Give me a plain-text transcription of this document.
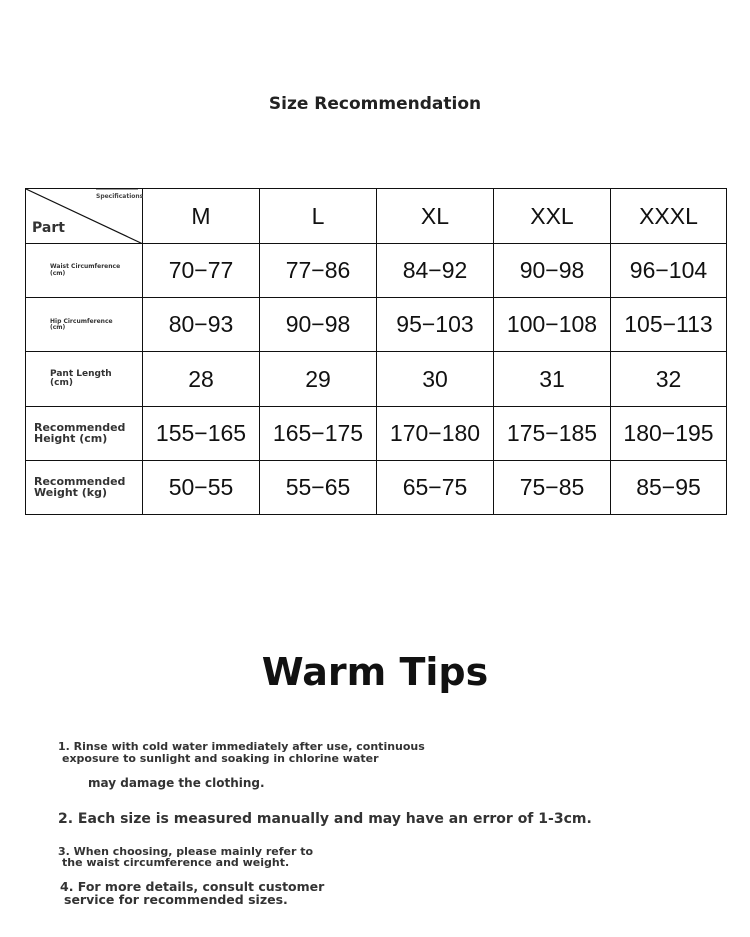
Size Recommendation
Specifications
Part	M	L	XL	XXL	XXXL

Waist Circumference
(cm)	70−77	77−86	84−92	90−98	96−104

Hip Circumference
(cm)	80−93	90−98	95−103	100−108	105−113

Pant Length
(cm)	28	29	30	31	32

Recommended
Height (cm)	155−165	165−175	170−180	175−185	180−195

Recommended
Weight (kg)	50−55	55−65	65−75	75−85	85−95
Warm Tips
1. Rinse with cold water immediately after use, continuous
exposure to sunlight and soaking in chlorine water
may damage the clothing.
2. Each size is measured manually and may have an error of 1-3cm.
3. When choosing, please mainly refer to
the waist circumference and weight.
4. For more details, consult customer
service for recommended sizes.
